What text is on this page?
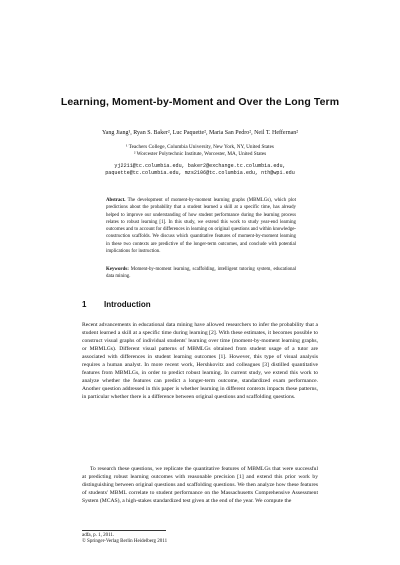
Learning, Moment-by-Moment and Over the Long Term
Yang Jiang¹, Ryan S. Baker², Luc Paquette², Maria San Pedro², Neil T. Heffernan²
¹ Teachers College, Columbia University, New York, NY, United States
² Worcester Polytechnic Institute, Worcester, MA, United States
yj2211@tc.columbia.edu, baker2@exchange.tc.columbia.edu,
paquette@tc.columbia.edu, mzs2106@tc.columbia.edu, nth@wpi.edu
Abstract. The development of moment-by-moment learning graphs (MBMLGs), which plot predictions about the probability that a student learned a skill at a specific time, has already helped to improve our understanding of how student performance during the learning process relates to robust learning [1]. In this study, we extend this work to study year-end learning outcomes and to account for differences in learning on original questions and within knowledge-construction scaffolds. We discuss which quantitative features of moment-by-moment learning in these two contexts are predictive of the longer-term outcomes, and conclude with potential implications for instruction.
Keywords: Moment-by-moment learning, scaffolding, intelligent tutoring system, educational data mining.
1 Introduction
Recent advancements in educational data mining have allowed researchers to infer the probability that a student learned a skill at a specific time during learning [2]. With these estimates, it becomes possible to construct visual graphs of individual students' learning over time (moment-by-moment learning graphs, or MBMLGs). Different visual patterns of MBMLGs obtained from student usage of a tutor are associated with differences in student learning outcomes [1]. However, this type of visual analysis requires a human analyst. In more recent work, Hershkovitz and colleagues [3] distilled quantitative features from MBMLGs, in order to predict robust learning. In current study, we extend this work to analyze whether the features can predict a longer-term outcome, standardized exam performance. Another question addressed in this paper is whether learning in different contexts impacts these patterns, in particular whether there is a difference between original questions and scaffolding questions.
To research these questions, we replicate the quantitative features of MBMLGs that were successful at predicting robust learning outcomes with reasonable precision [1] and extend this prior work by distinguishing between original questions and scaffolding questions. We then analyze how these features of students' MBML correlate to student performance on the Massachusetts Comprehensive Assessment System (MCAS), a high-stakes standardized test given at the end of the year. We compute the
adfa, p. 1, 2011.
© Springer-Verlag Berlin Heidelberg 2011
